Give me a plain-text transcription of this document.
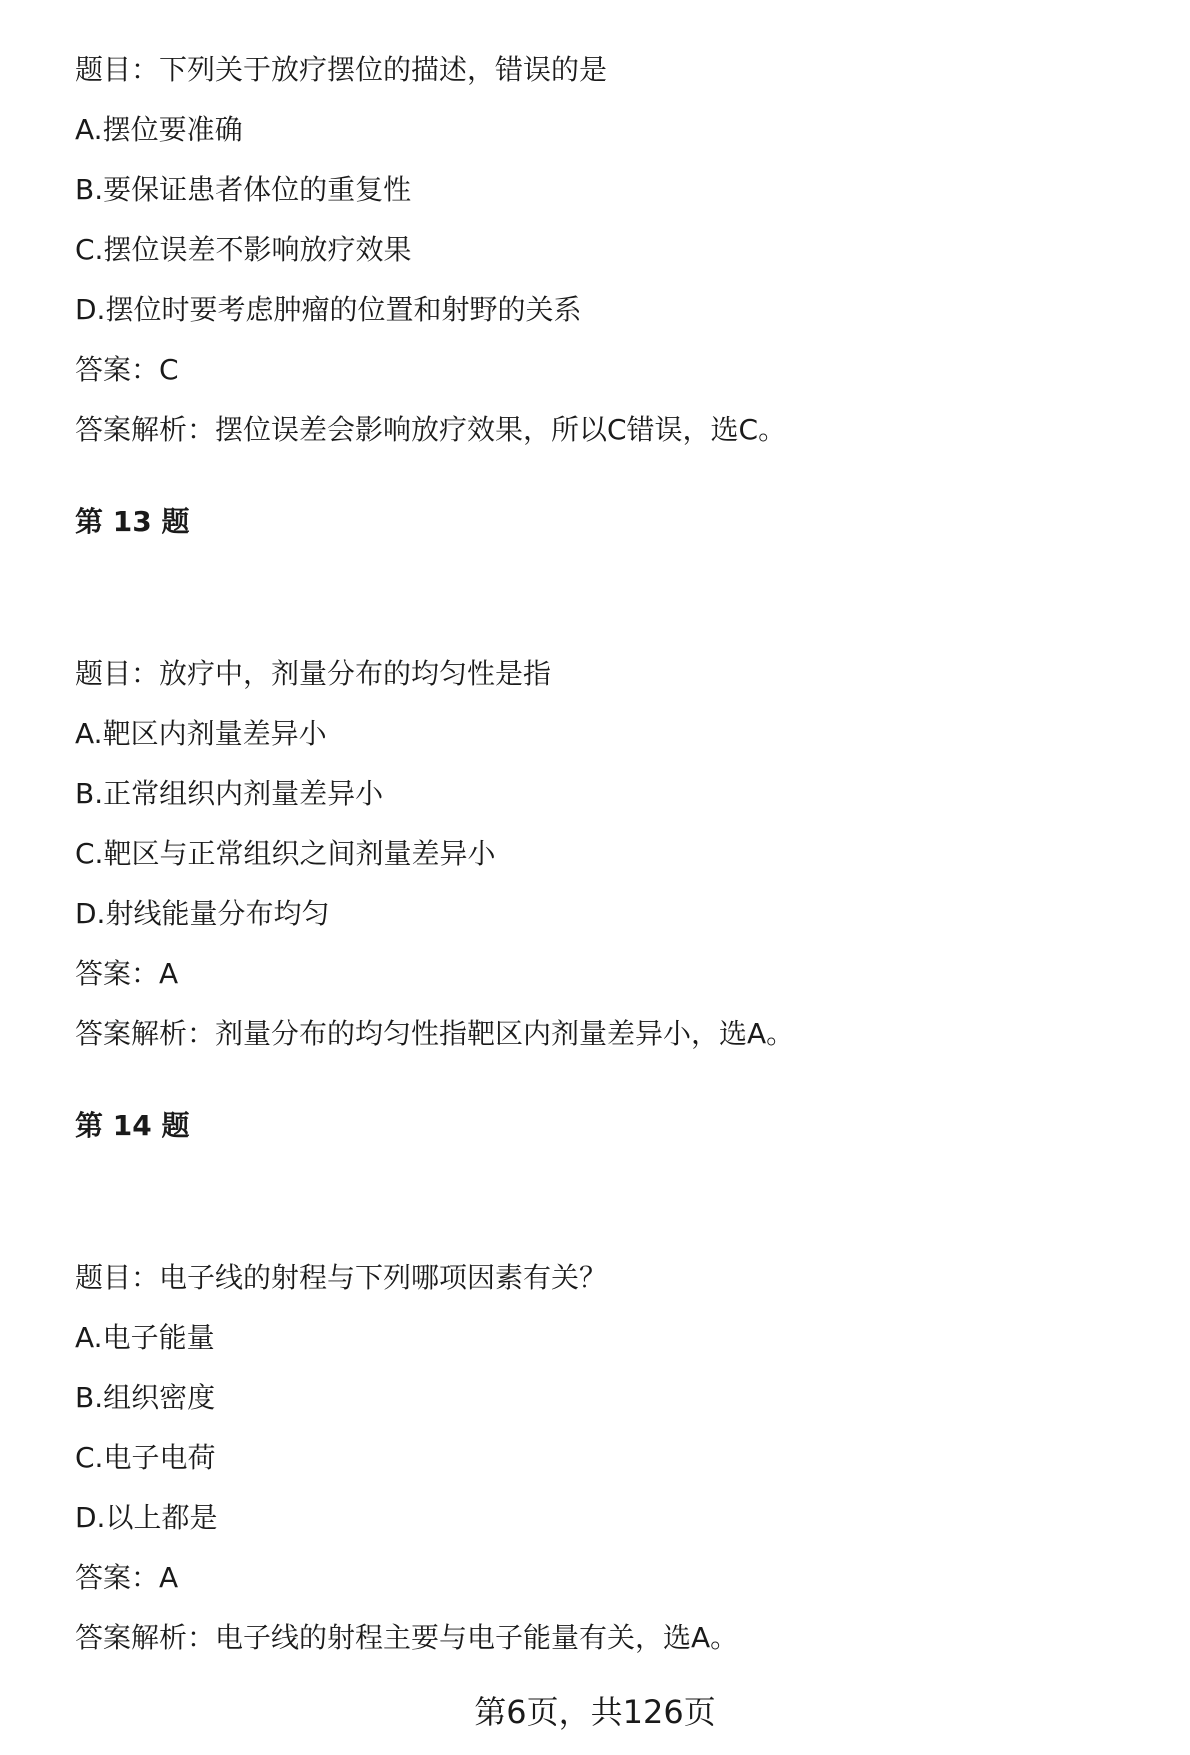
题目：下列关于放疗摆位的描述，错误的是
A.摆位要准确
B.要保证患者体位的重复性
C.摆位误差不影响放疗效果
D.摆位时要考虑肿瘤的位置和射野的关系
答案：C
答案解析：摆位误差会影响放疗效果，所以C错误，选C。
第 13 题
题目：放疗中，剂量分布的均匀性是指
A.靶区内剂量差异小
B.正常组织内剂量差异小
C.靶区与正常组织之间剂量差异小
D.射线能量分布均匀
答案：A
答案解析：剂量分布的均匀性指靶区内剂量差异小，选A。
第 14 题
题目：电子线的射程与下列哪项因素有关？
A.电子能量
B.组织密度
C.电子电荷
D.以上都是
答案：A
答案解析：电子线的射程主要与电子能量有关，选A。
第6页，共126页
